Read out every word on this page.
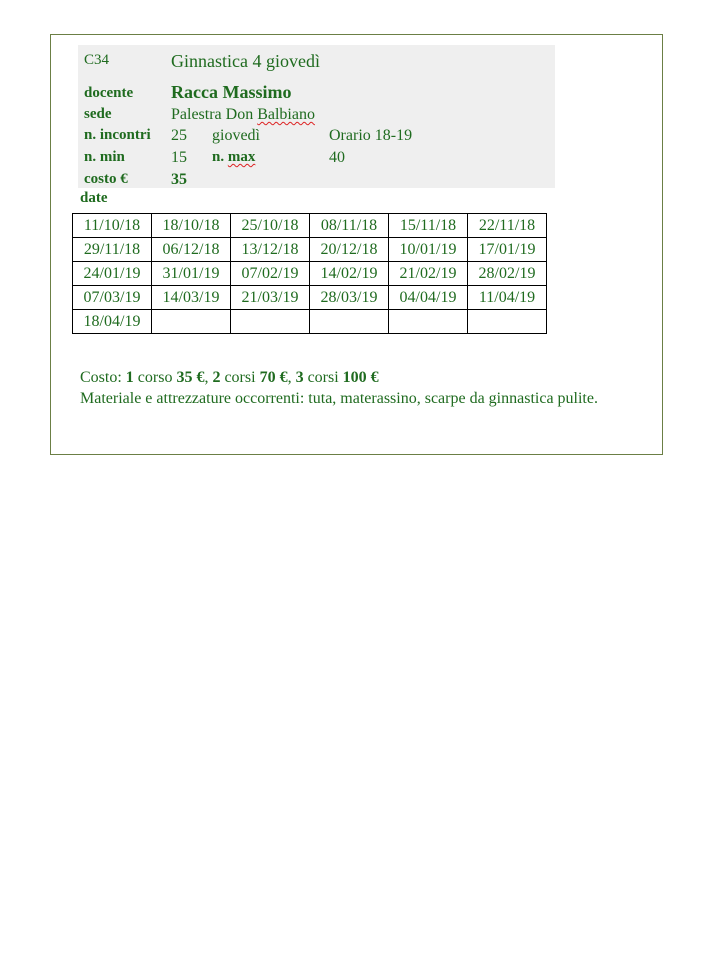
C34	Ginnastica 4 giovedì
docente Racca Massimo
sede	Palestra Don Balbiano
n. incontri 25 giovedì	Orario 18-19
n. min	15 n. max	40
costo €	35
date
11/10/18	18/10/18	25/10/18	08/11/18	15/11/18	22/11/18
29/11/18	06/12/18	13/12/18	20/12/18	10/01/19	17/01/19
24/01/19	31/01/19	07/02/19	14/02/19	21/02/19	28/02/19
07/03/19	14/03/19	21/03/19	28/03/19	04/04/19	11/04/19
18/04/19					
Costo: 1 corso 35 €, 2 corsi 70 €, 3 corsi 100 €
Materiale e attrezzature occorrenti: tuta, materassino, scarpe da ginnastica pulite.
